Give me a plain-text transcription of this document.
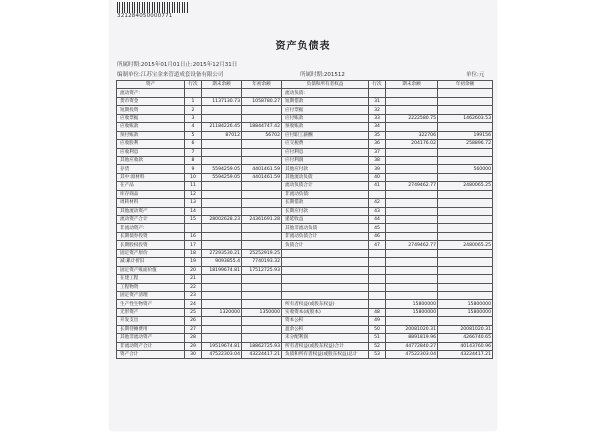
321284050000771
资产负债表
所属时期:2015年01月01日止:2015年12月31日
编制单位:江苏宝金来管道成套设备有限公司	所属时期:201512	单位:元
资产	行次	期末余额	年初余额	负债和所有者权益	行次	期末余额	年初余额
流动资产:				流动负债:			
货币资金	1	1137130.73	1058780.27	短期借款	31		
短期投资	2			应付票据	32		
应收票据	3			应付账款	33	2222580.75	1462603.53
应收账款	4	21184226.45	18844747.42	预收账款	34		
预付账款	5	87012	56702	应付职工薪酬	35	322706	199156
应收股利	6			应交税费	36	204176.02	258896.72
应收利息	7			应付利息	37		
其他应收款	8			应付利润	38		
存货	9	5594259.05	4401461.59	其他应付款	39		560000
其中:原材料	10	5594259.05	4401461.59	其他流动负债	40		
在产品	11			流动负债合计	41	2749462.77	2480065.25
库存商品	12			非流动负债:			
周转材料	13			长期借款	42		
其他流动资产	14			长期应付款	43		
流动资产合计	15	28002628.23	24361691.28	递延收益	44		
非流动资产:				其他非流动负债	45		
长期债券投资	16			非流动负债合计	46		
长期股权投资	17			负债合计	47	2749462.77	2480065.25
固定资产原价	18	27293530.21	25252919.25				
减:累计折旧	19	9093855.4	7740193.32				
固定资产账面价值	20	18199674.81	17512725.93				
在建工程	21						
工程物资	22						
固定资产清理	23						
生产性生物资产	24			所有者权益(或股东权益)		15800000	15800000
无形资产	25	1320000	1350000	实收资本(或股本)	48	15800000	15800000
开发支出	26			资本公积	49		
长期待摊费用	27			盈余公积	50	20081020.31	20081020.31
其他非流动资产	28			未分配利润	51	8891819.96	4266740.65
非流动资产合计	29	19519674.81	18862725.93	所有者权益(或股东权益)合计	52	44772840.27	40143760.96
资产合计	30	47522303.04	43224417.21	负债和所有者权益(或股东权益)总计	53	47522303.04	43224417.21
